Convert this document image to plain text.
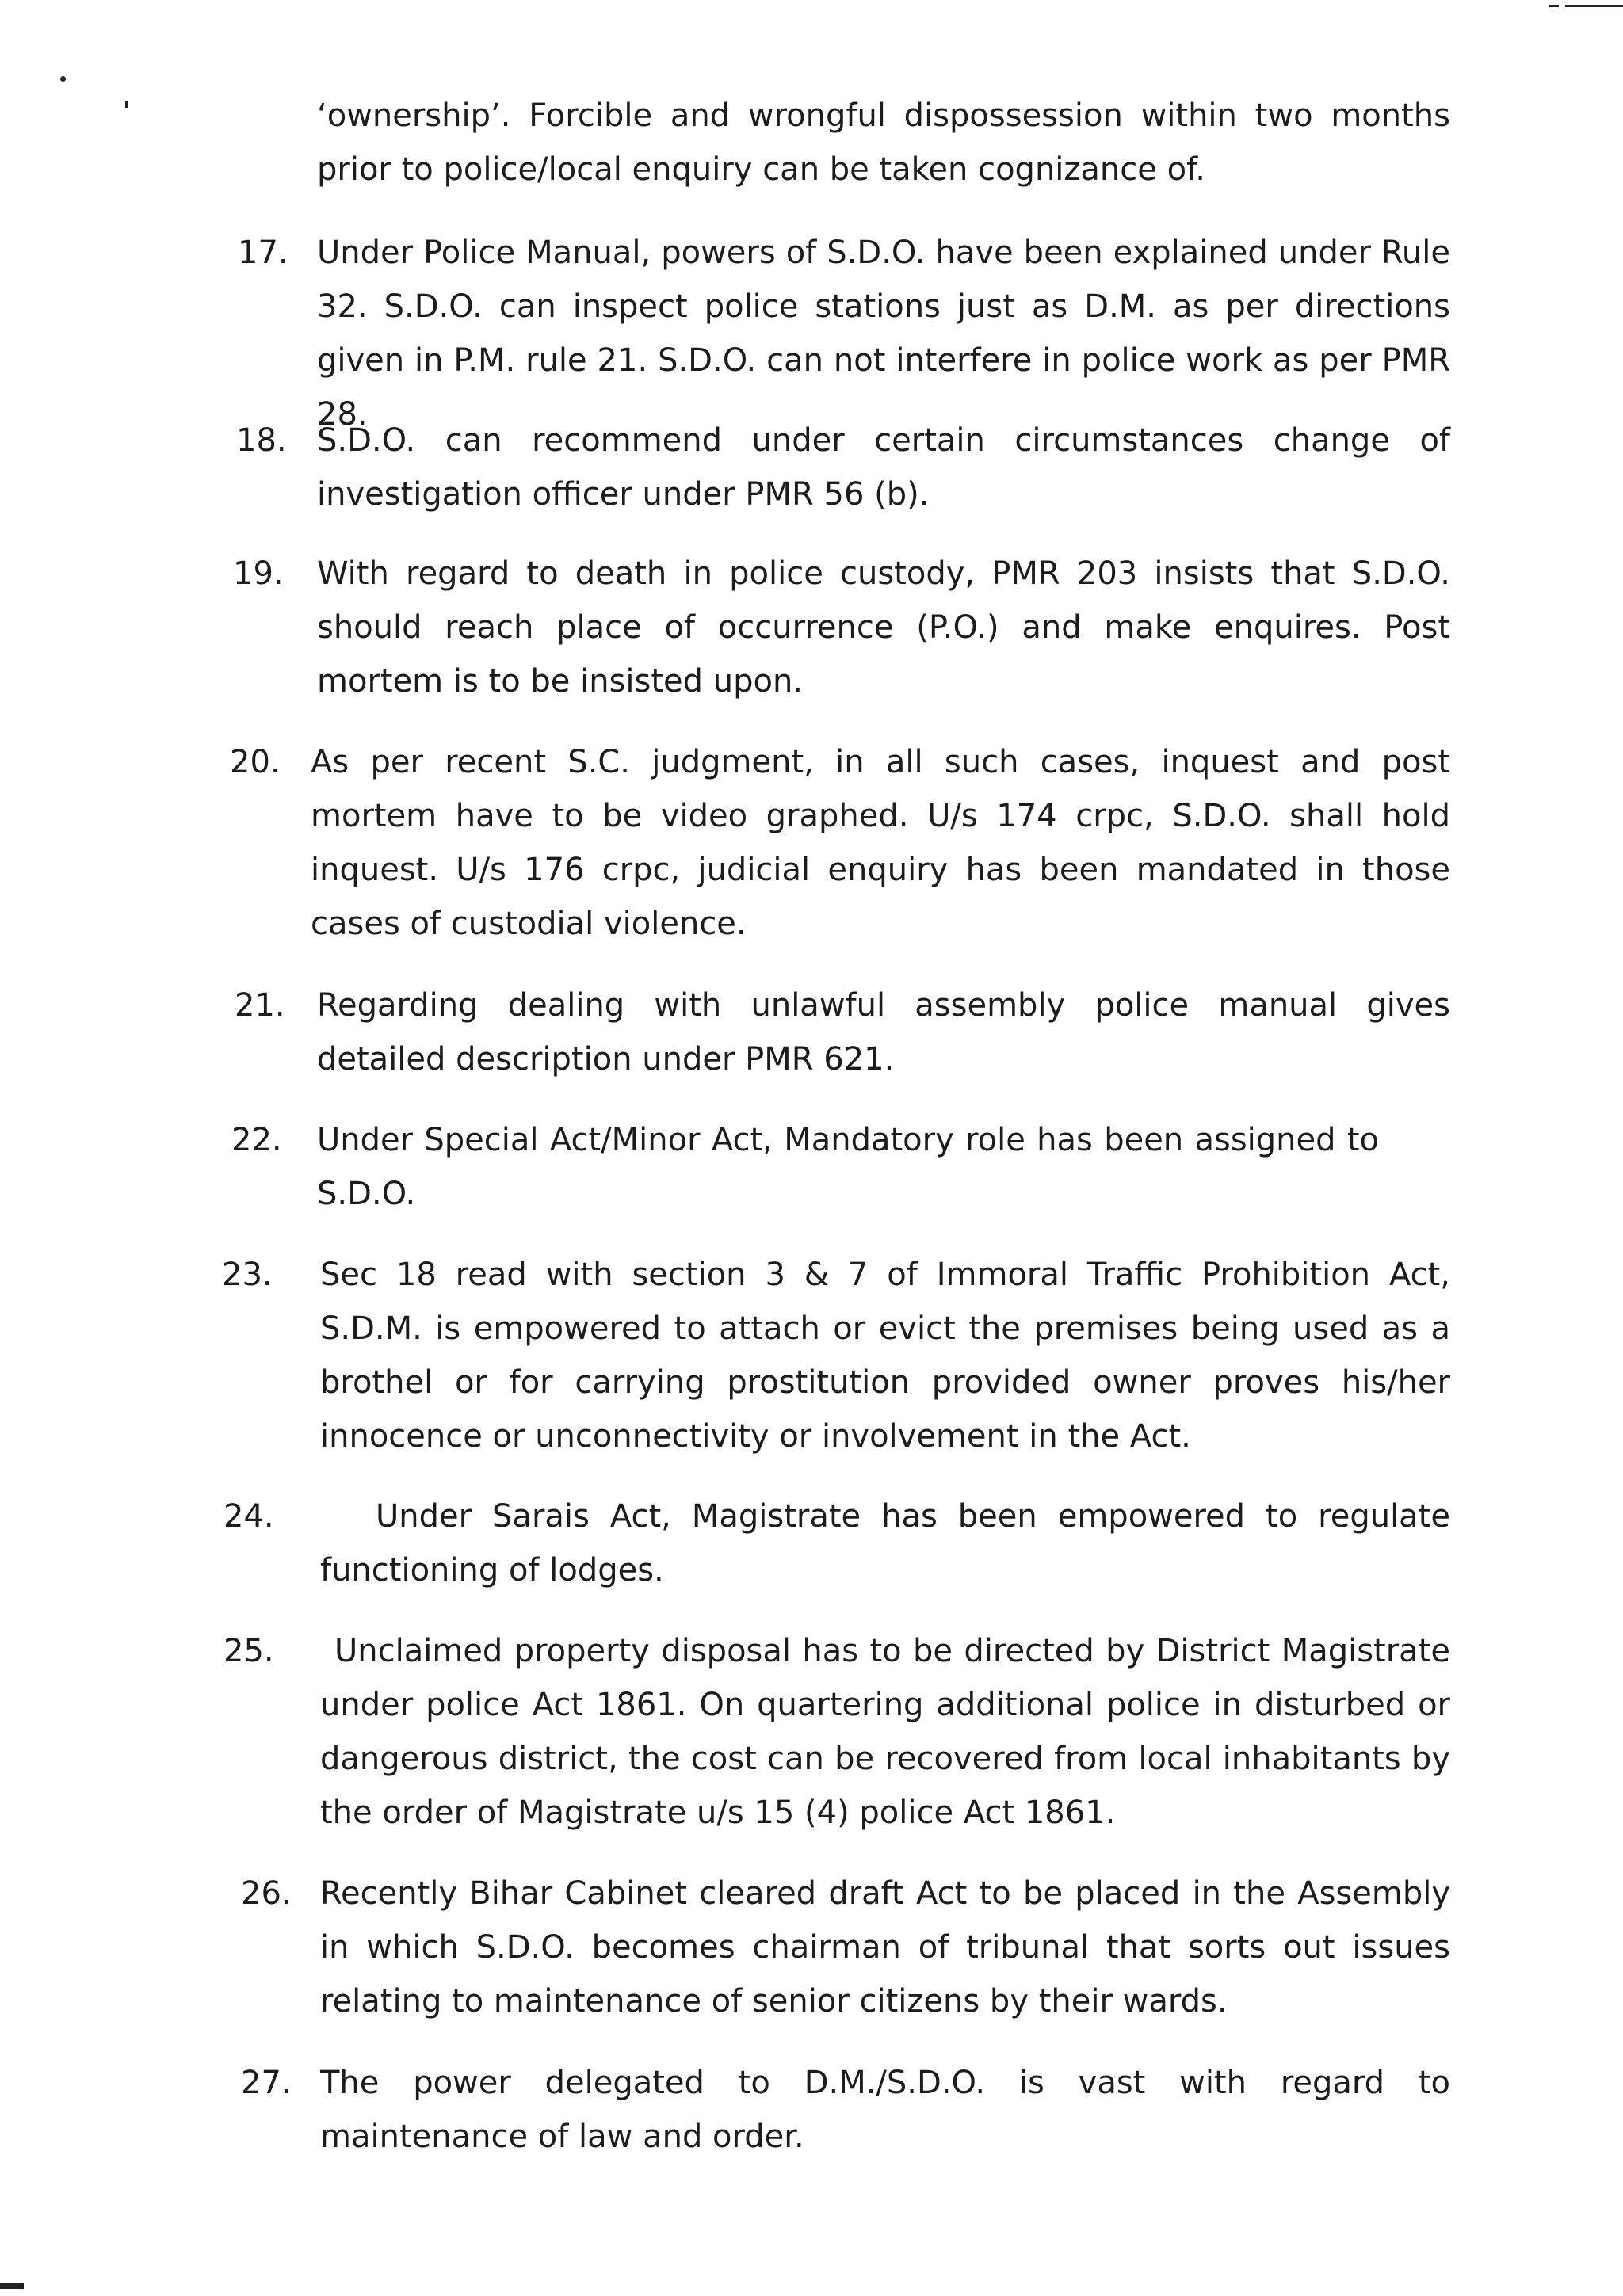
‘ownership’. Forcible and wrongful dispossession within two months prior to police/local enquiry can be taken cognizance of.

17. Under Police Manual, powers of S.D.O. have been explained under Rule 32. S.D.O. can inspect police stations just as D.M. as per directions given in P.M. rule 21. S.D.O. can not interfere in police work as per PMR 28.

18. S.D.O. can recommend under certain circumstances change of investigation officer under PMR 56 (b).

19. With regard to death in police custody, PMR 203 insists that S.D.O. should reach place of occurrence (P.O.) and make enquires. Post mortem is to be insisted upon.

20. As per recent S.C. judgment, in all such cases, inquest and post mortem have to be video graphed. U/s 174 crpc, S.D.O. shall hold inquest. U/s 176 crpc, judicial enquiry has been mandated in those cases of custodial violence.

21. Regarding dealing with unlawful assembly police manual gives detailed description under PMR 621.

22. Under Special Act/Minor Act, Mandatory role has been assigned to S.D.O.

23. Sec 18 read with section 3 & 7 of Immoral Traffic Prohibition Act, S.D.M. is empowered to attach or evict the premises being used as a brothel or for carrying prostitution provided owner proves his/her innocence or unconnectivity or involvement in the Act.

24.	Under Sarais Act, Magistrate has been empowered to regulate functioning of lodges.

25.	Unclaimed property disposal has to be directed by District Magistrate under police Act 1861. On quartering additional police in disturbed or dangerous district, the cost can be recovered from local inhabitants by the order of Magistrate u/s 15 (4) police Act 1861.

26. Recently Bihar Cabinet cleared draft Act to be placed in the Assembly in which S.D.O. becomes chairman of tribunal that sorts out issues relating to maintenance of senior citizens by their wards.

27. The power delegated to D.M./S.D.O. is vast with regard to maintenance of law and order.
